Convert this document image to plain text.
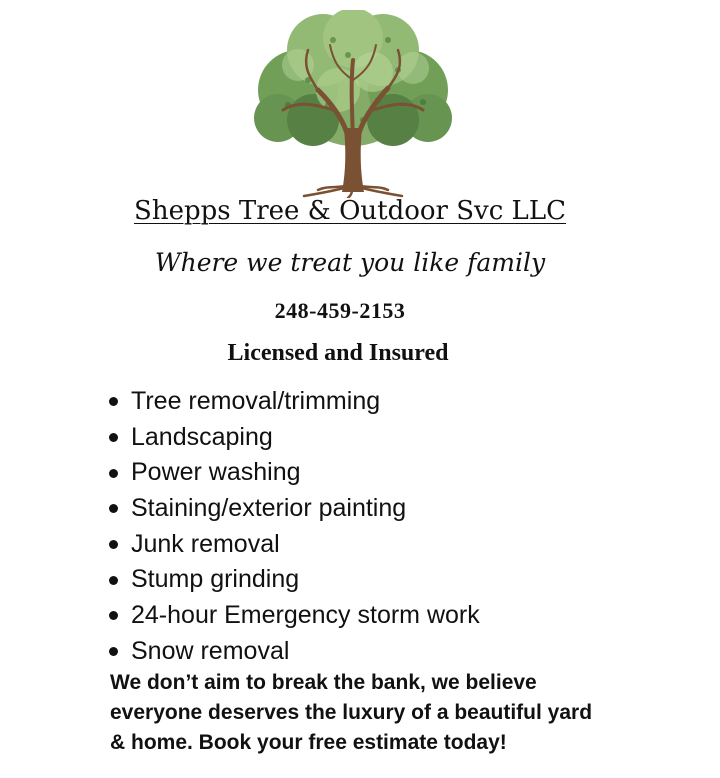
Shepps Tree & Outdoor Svc LLC
Where we treat you like family
248-459-2153
Licensed and Insured
Tree removal/trimming
Landscaping
Power washing
Staining/exterior painting
Junk removal
Stump grinding
24-hour Emergency storm work
Snow removal

We don’t aim to break the bank, we believe
everyone deserves the luxury of a beautiful yard
& home. Book your free estimate today!
